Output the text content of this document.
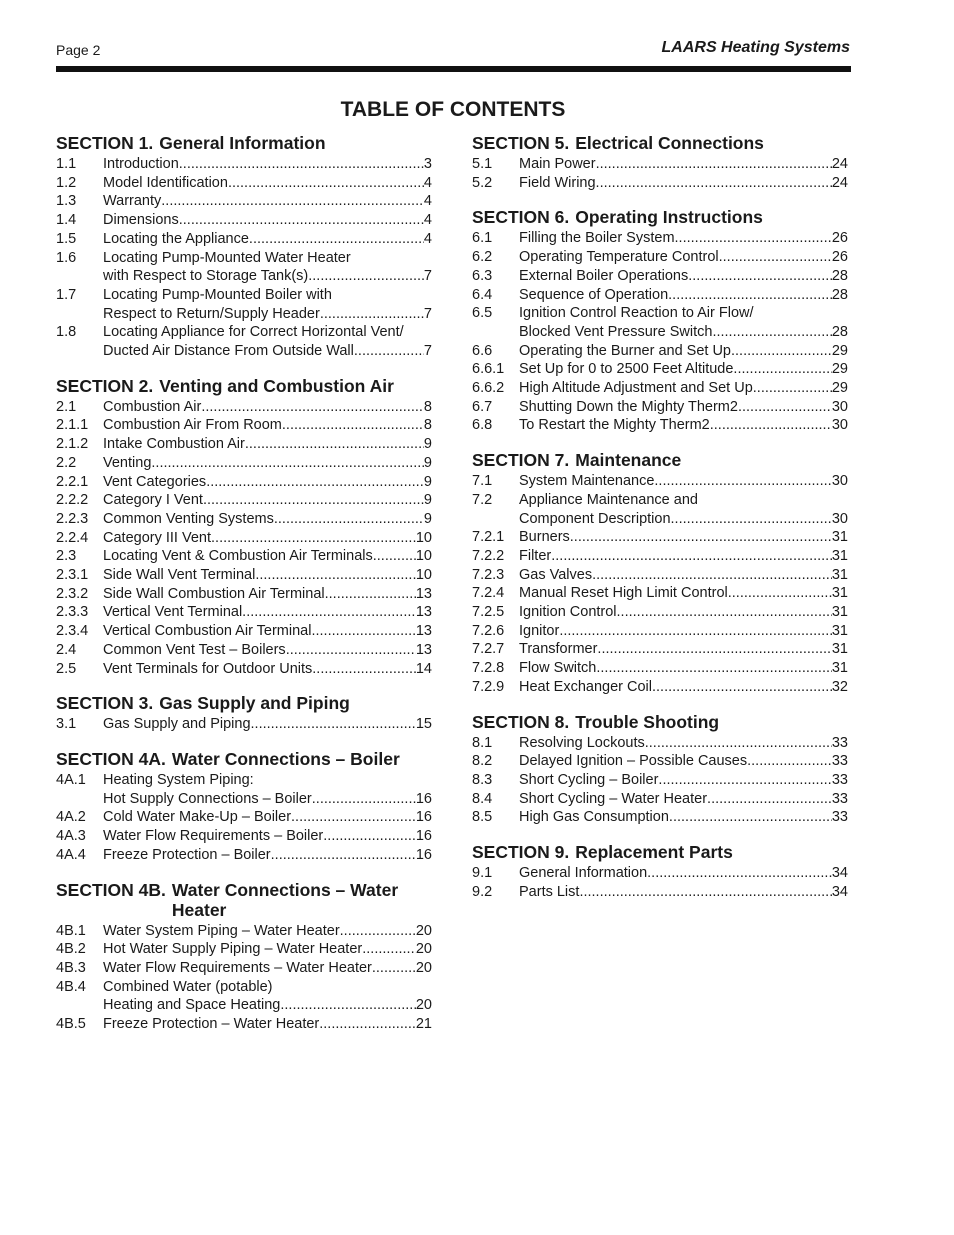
Page 2	LAARS Heating Systems
TABLE OF CONTENTS
SECTION 1. General Information
1.1	Introduction .....	3
1.2	Model Identification .....	4
1.3	Warranty .....	4
1.4	Dimensions .....	4
1.5	Locating the Appliance .....	4
1.6	Locating Pump-Mounted Water Heater
with Respect to Storage Tank(s) .....	7
1.7	Locating Pump-Mounted Boiler with
Respect to Return/Supply Header .....	7
1.8	Locating Appliance for Correct Horizontal Vent/
Ducted Air Distance From Outside Wall .....	7
SECTION 2. Venting and Combustion Air
2.1	Combustion Air .....	8
2.1.1	Combustion Air From Room .....	8
2.1.2	Intake Combustion Air .....	9
2.2	Venting .....	9
2.2.1	Vent Categories .....	9
2.2.2	Category I Vent .....	9
2.2.3	Common Venting Systems .....	9
2.2.4	Category III Vent .....	10
2.3	Locating Vent & Combustion Air Terminals .....	10
2.3.1	Side Wall Vent Terminal .....	10
2.3.2	Side Wall Combustion Air Terminal .....	13
2.3.3	Vertical Vent Terminal .....	13
2.3.4	Vertical Combustion Air Terminal .....	13
2.4	Common Vent Test – Boilers .....	13
2.5	Vent Terminals for Outdoor Units .....	14
SECTION 3. Gas Supply and Piping
3.1	Gas Supply and Piping .....	15
SECTION 4A. Water Connections – Boiler
4A.1	Heating System Piping:
Hot Supply Connections – Boiler .....	16
4A.2	Cold Water Make-Up – Boiler .....	16
4A.3	Water Flow Requirements – Boiler .....	16
4A.4	Freeze Protection – Boiler .....	16
SECTION 4B. Water Connections – Water Heater
4B.1	Water System Piping – Water Heater .....	20
4B.2	Hot Water Supply Piping – Water Heater .....	20
4B.3	Water Flow Requirements – Water Heater .....	20
4B.4	Combined Water (potable)
Heating and Space Heating .....	20
4B.5	Freeze Protection – Water Heater .....	21
SECTION 5. Electrical Connections
5.1	Main Power .....	24
5.2	Field Wiring .....	24
SECTION 6. Operating Instructions
6.1	Filling the Boiler System .....	26
6.2	Operating Temperature Control .....	26
6.3	External Boiler Operations .....	28
6.4	Sequence of Operation .....	28
6.5	Ignition Control Reaction to Air Flow/
Blocked Vent Pressure Switch .....	28
6.6	Operating the Burner and Set Up .....	29
6.6.1	Set Up for 0 to 2500 Feet Altitude .....	29
6.6.2	High Altitude Adjustment and Set Up .....	29
6.7	Shutting Down the Mighty Therm2 .....	30
6.8	To Restart the Mighty Therm2 .....	30
SECTION 7. Maintenance
7.1	System Maintenance .....	30
7.2	Appliance Maintenance and
Component Description .....	30
7.2.1	Burners .....	31
7.2.2	Filter .....	31
7.2.3	Gas Valves .....	31
7.2.4	Manual Reset High Limit Control .....	31
7.2.5	Ignition Control .....	31
7.2.6	Ignitor .....	31
7.2.7	Transformer .....	31
7.2.8	Flow Switch .....	31
7.2.9	Heat Exchanger Coil .....	32
SECTION 8. Trouble Shooting
8.1	Resolving Lockouts .....	33
8.2	Delayed Ignition – Possible Causes .....	33
8.3	Short Cycling – Boiler .....	33
8.4	Short Cycling – Water Heater .....	33
8.5	High Gas Consumption .....	33
SECTION 9. Replacement Parts
9.1	General Information .....	34
9.2	Parts List .....	34
